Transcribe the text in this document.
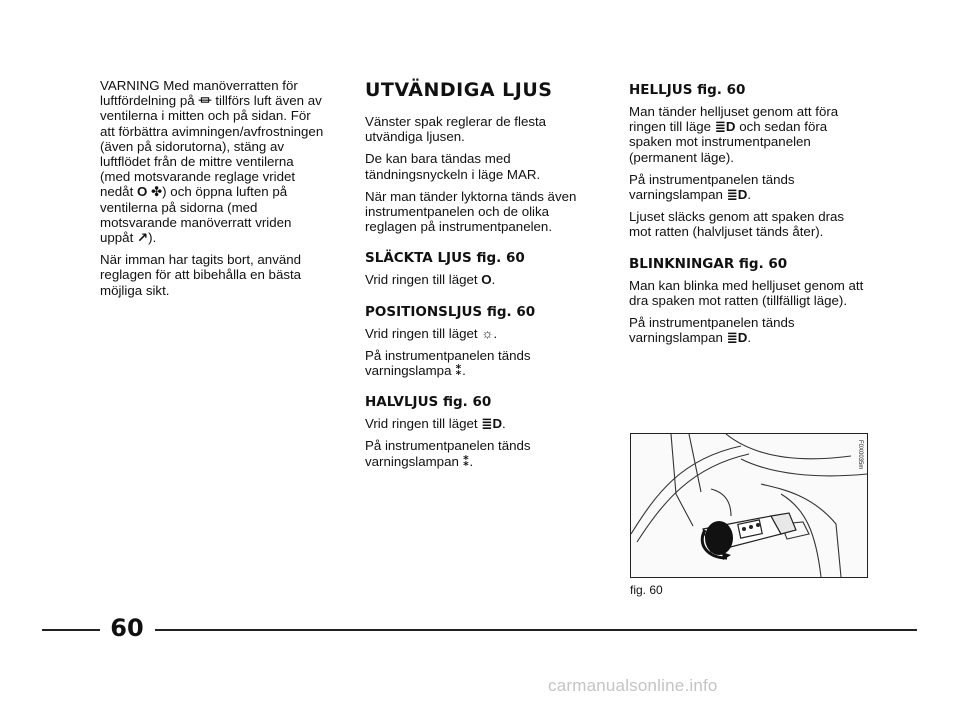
VARNING Med manöverratten för luftfördelning på ⏛ tillförs luft även av ventilerna i mitten och på sidan. För att förbättra avimningen/avfrostningen (även på sidorutorna), stäng av luftflödet från de mittre ventilerna (med motsvarande reglage vridet nedåt O ✤) och öppna luften på ventilerna på sidorna (med motsvarande manöverratt vriden uppåt ↗).

När imman har tagits bort, använd reglagen för att bibehålla en bästa möjliga sikt.

UTVÄNDIGA LJUS

Vänster spak reglerar de flesta utvändiga ljusen.

De kan bara tändas med tändningsnyckeln i läge MAR.

När man tänder lyktorna tänds även instrumentpanelen och de olika reglagen på instrumentpanelen.

SLÄCKTA LJUS fig. 60

Vrid ringen till läget O.

POSITIONSLJUS fig. 60

Vrid ringen till läget ☼.

På instrumentpanelen tänds varningslampa ⁑.

HALVLJUS fig. 60

Vrid ringen till läget ≣D.

På instrumentpanelen tänds varningslampan ⁑.

HELLJUS fig. 60

Man tänder helljuset genom att föra ringen till läge ≣D och sedan föra spaken mot instrumentpanelen (permanent läge).

På instrumentpanelen tänds varningslampan ≣D.

Ljuset släcks genom att spaken dras mot ratten (halvljuset tänds åter).

BLINKNINGAR fig. 60

Man kan blinka med helljuset genom att dra spaken mot ratten (tillfälligt läge).

På instrumentpanelen tänds varningslampan ≣D.

F0X0035m
fig. 60
60
carmanualsonline.info
